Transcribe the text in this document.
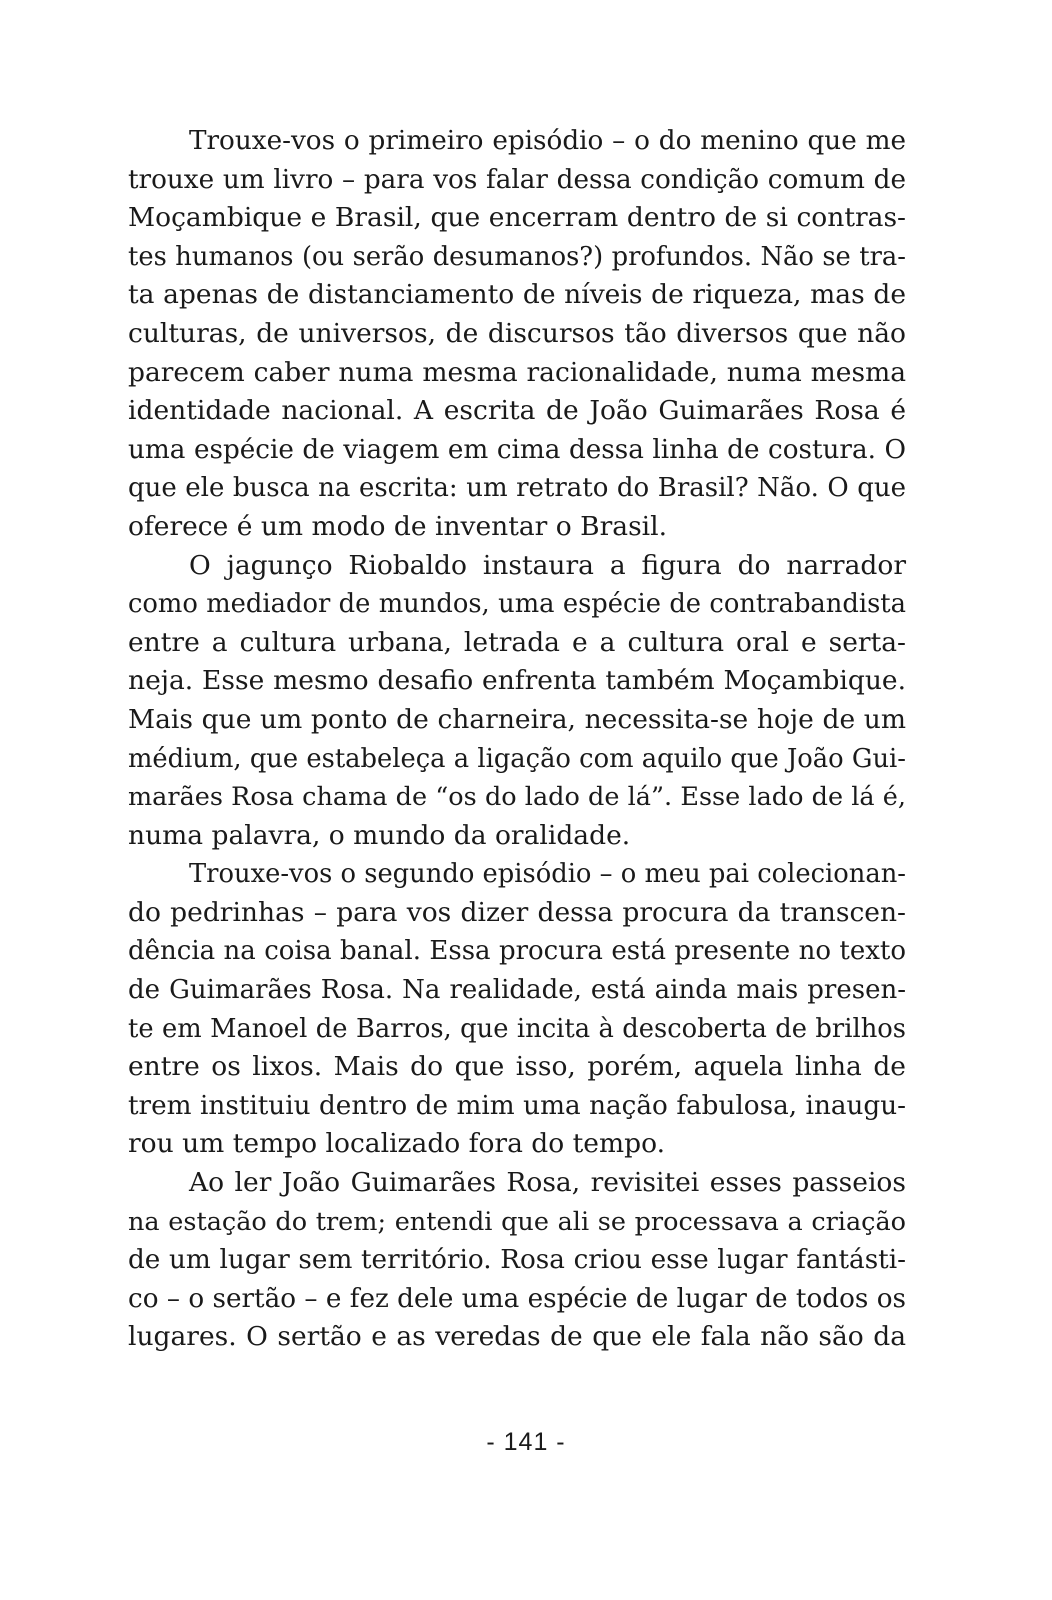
Trouxe-vos o primeiro episódio – o do menino que me
trouxe um livro – para vos falar dessa condição comum de
Moçambique e Brasil, que encerram dentro de si contras-
tes humanos (ou serão desumanos?) profundos. Não se tra-
ta apenas de distanciamento de níveis de riqueza, mas de
culturas, de universos, de discursos tão diversos que não
parecem caber numa mesma racionalidade, numa mesma
identidade nacional. A escrita de João Guimarães Rosa é
uma espécie de viagem em cima dessa linha de costura. O
que ele busca na escrita: um retrato do Brasil? Não. O que
oferece é um modo de inventar o Brasil.
O jagunço Riobaldo instaura a figura do narrador
como mediador de mundos, uma espécie de contrabandista
entre a cultura urbana, letrada e a cultura oral e serta-
neja. Esse mesmo desafio enfrenta também Moçambique.
Mais que um ponto de charneira, necessita-se hoje de um
médium, que estabeleça a ligação com aquilo que João Gui-
marães Rosa chama de “os do lado de lá”. Esse lado de lá é,
numa palavra, o mundo da oralidade.
Trouxe-vos o segundo episódio – o meu pai colecionan-
do pedrinhas – para vos dizer dessa procura da transcen-
dência na coisa banal. Essa procura está presente no texto
de Guimarães Rosa. Na realidade, está ainda mais presen-
te em Manoel de Barros, que incita à descoberta de brilhos
entre os lixos. Mais do que isso, porém, aquela linha de
trem instituiu dentro de mim uma nação fabulosa, inaugu-
rou um tempo localizado fora do tempo.
Ao ler João Guimarães Rosa, revisitei esses passeios
na estação do trem; entendi que ali se processava a criação
de um lugar sem território. Rosa criou esse lugar fantásti-
co – o sertão – e fez dele uma espécie de lugar de todos os
lugares. O sertão e as veredas de que ele fala não são da
- 141 -
